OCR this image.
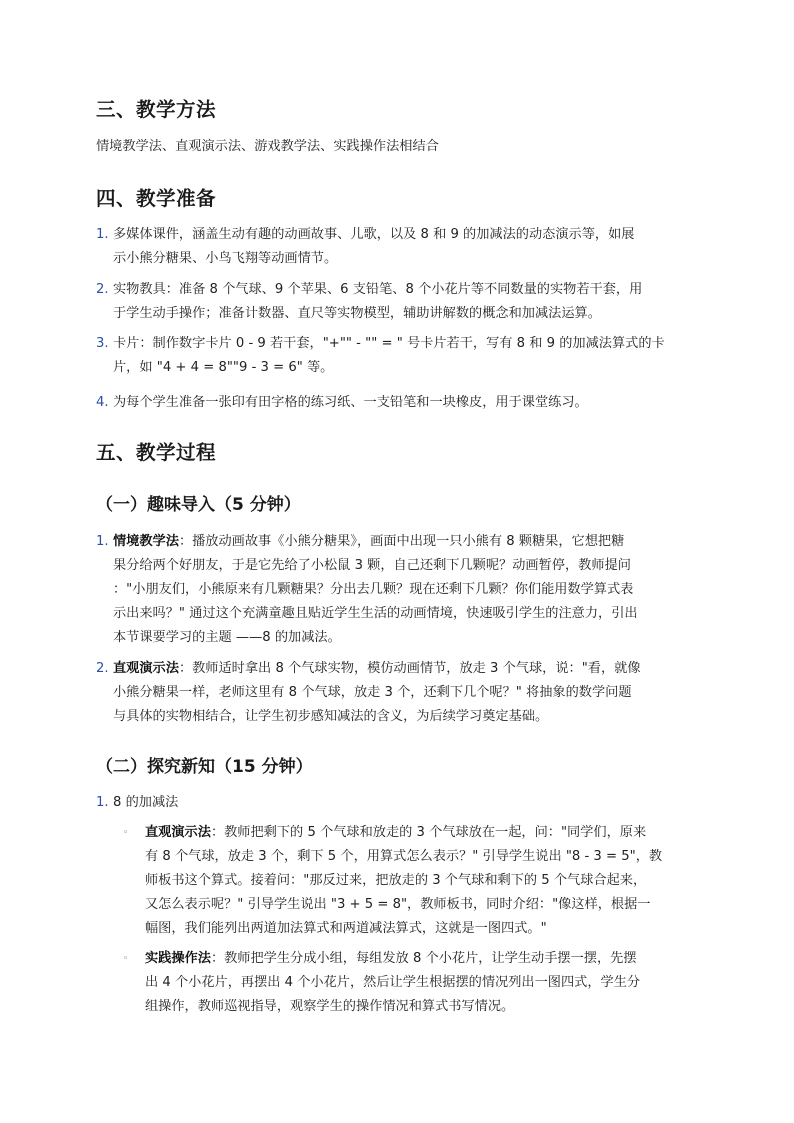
三、教学方法
情境教学法、直观演示法、游戏教学法、实践操作法相结合
四、教学准备
1. 多媒体课件，涵盖生动有趣的动画故事、儿歌，以及 8 和 9 的加减法的动态演示等，如展
示小熊分糖果、小鸟飞翔等动画情节。
2. 实物教具：准备 8 个气球、9 个苹果、6 支铅笔、8 个小花片等不同数量的实物若干套，用
于学生动手操作；准备计数器、直尺等实物模型，辅助讲解数的概念和加减法运算。
3. 卡片：制作数字卡片 0 - 9 若干套，"+"" - "" = " 号卡片若干，写有 8 和 9 的加减法算式的卡
片，如 "4 + 4 = 8""9 - 3 = 6" 等。
4. 为每个学生准备一张印有田字格的练习纸、一支铅笔和一块橡皮，用于课堂练习。
五、教学过程
（一）趣味导入（5 分钟）
1. 情境教学法：播放动画故事《小熊分糖果》，画面中出现一只小熊有 8 颗糖果，它想把糖
果分给两个好朋友，于是它先给了小松鼠 3 颗，自己还剩下几颗呢？动画暂停，教师提问
："小朋友们，小熊原来有几颗糖果？分出去几颗？现在还剩下几颗？你们能用数学算式表
示出来吗？" 通过这个充满童趣且贴近学生生活的动画情境，快速吸引学生的注意力，引出
本节课要学习的主题 ——8 的加减法。
2. 直观演示法：教师适时拿出 8 个气球实物，模仿动画情节，放走 3 个气球，说："看，就像
小熊分糖果一样，老师这里有 8 个气球，放走 3 个，还剩下几个呢？" 将抽象的数学问题
与具体的实物相结合，让学生初步感知减法的含义，为后续学习奠定基础。
（二）探究新知（15 分钟）
1. 8 的加减法
◦ 直观演示法：教师把剩下的 5 个气球和放走的 3 个气球放在一起，问："同学们，原来
有 8 个气球，放走 3 个，剩下 5 个，用算式怎么表示？" 引导学生说出 "8 - 3 = 5"，教
师板书这个算式。接着问："那反过来，把放走的 3 个气球和剩下的 5 个气球合起来，
又怎么表示呢？" 引导学生说出 "3 + 5 = 8"，教师板书，同时介绍："像这样，根据一
幅图，我们能列出两道加法算式和两道减法算式，这就是一图四式。"
◦ 实践操作法：教师把学生分成小组，每组发放 8 个小花片，让学生动手摆一摆，先摆
出 4 个小花片，再摆出 4 个小花片，然后让学生根据摆的情况列出一图四式，学生分
组操作，教师巡视指导，观察学生的操作情况和算式书写情况。
